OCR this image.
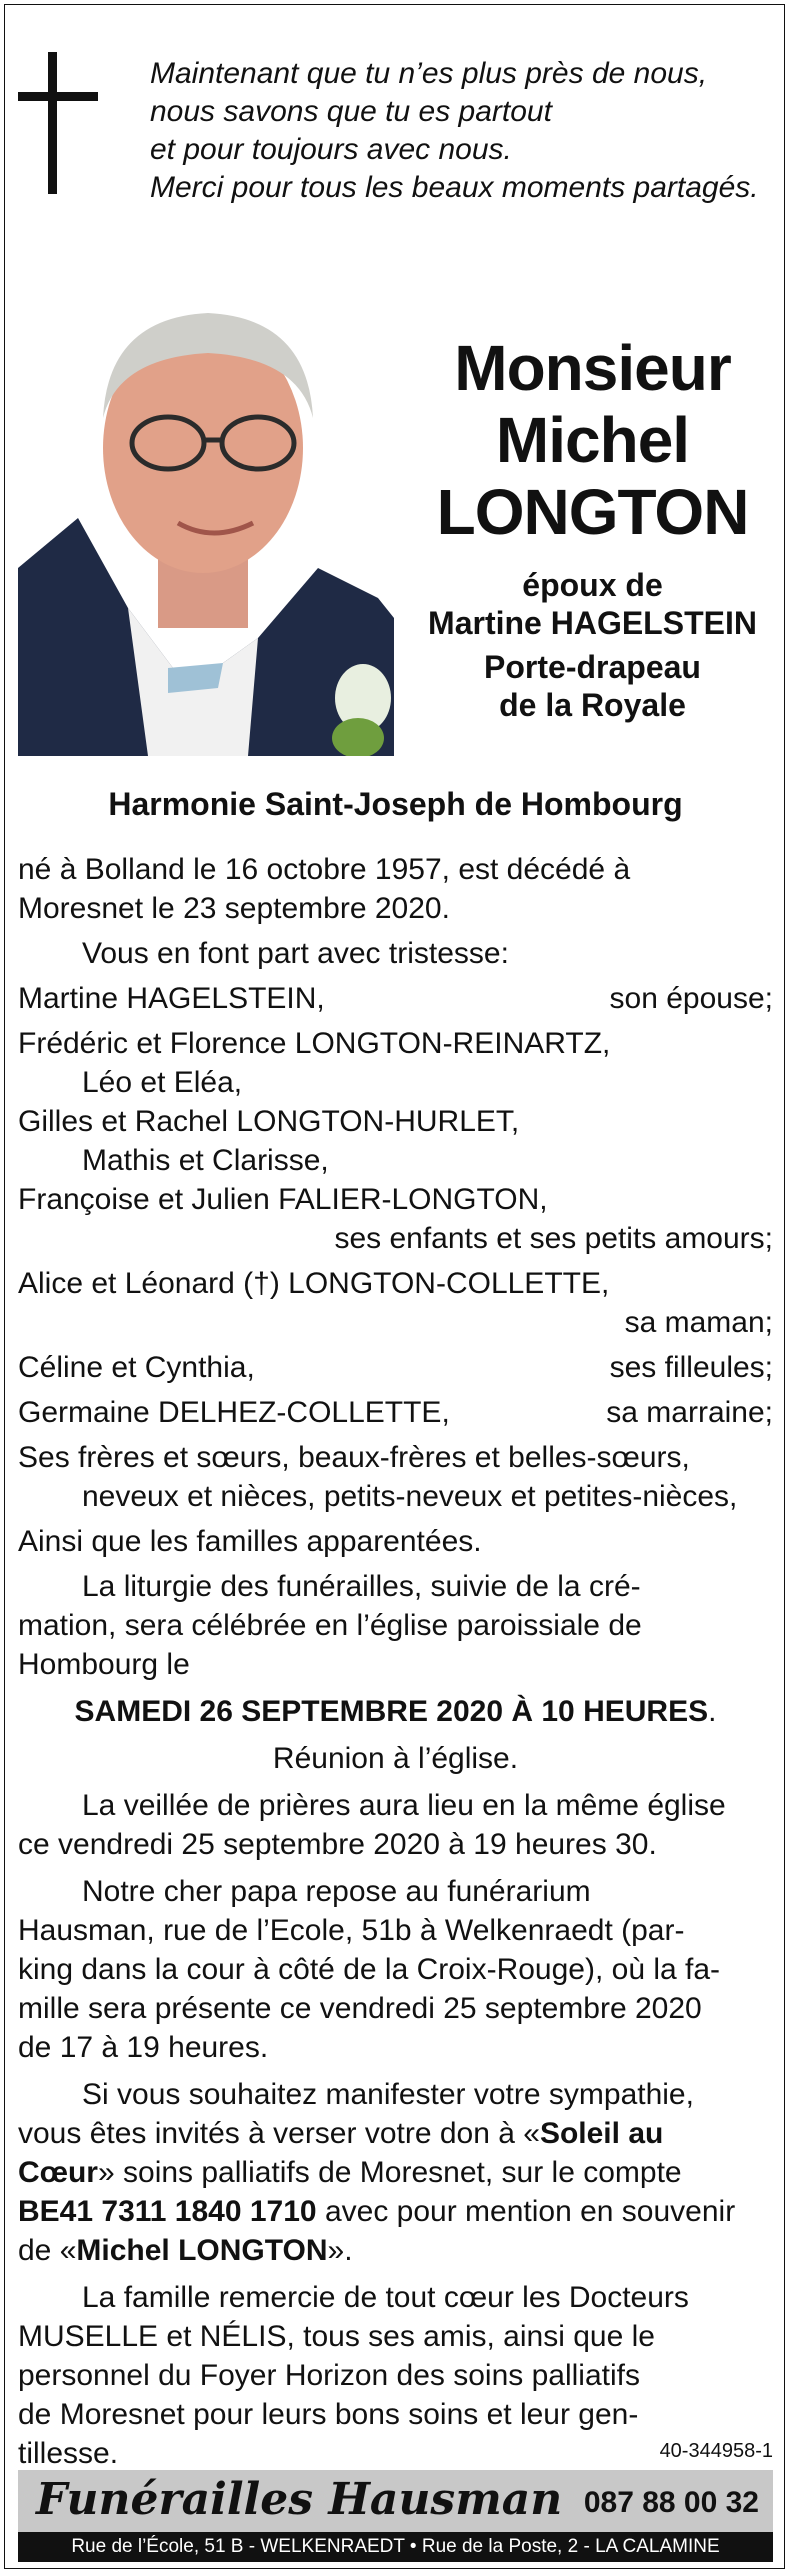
Maintenant que tu n’es plus près de nous,
nous savons que tu es partout
et pour toujours avec nous.
Merci pour tous les beaux moments partagés.
Monsieur
Michel
LONGTON
époux de
Martine HAGELSTEIN
Porte-drapeau
de la Royale
Harmonie Saint-Joseph de Hombourg
né à Bolland le 16 octobre 1957, est décédé à
Moresnet le 23 septembre 2020.
Vous en font part avec tristesse:
Martine HAGELSTEIN,	son épouse;
Frédéric et Florence LONGTON-REINARTZ,
Léo et Eléa,
Gilles et Rachel LONGTON-HURLET,
Mathis et Clarisse,
Françoise et Julien FALIER-LONGTON,
ses enfants et ses petits amours;
Alice et Léonard (†) LONGTON-COLLETTE,
sa maman;
Céline et Cynthia,	ses filleules;
Germaine DELHEZ-COLLETTE,	sa marraine;
Ses frères et sœurs, beaux-frères et belles-sœurs,
neveux et nièces, petits-neveux et petites-nièces,
Ainsi que les familles apparentées.
La liturgie des funérailles, suivie de la cré-
mation, sera célébrée en l’église paroissiale de
Hombourg le
SAMEDI 26 SEPTEMBRE 2020 À 10 HEURES.
Réunion à l’église.
La veillée de prières aura lieu en la même église
ce vendredi 25 septembre 2020 à 19 heures 30.
Notre cher papa repose au funérarium
Hausman, rue de l’Ecole, 51b à Welkenraedt (par-
king dans la cour à côté de la Croix-Rouge), où la fa-
mille sera présente ce vendredi 25 septembre 2020
de 17 à 19 heures.
Si vous souhaitez manifester votre sympathie,
vous êtes invités à verser votre don à «Soleil au
Cœur» soins palliatifs de Moresnet, sur le compte
BE41 7311 1840 1710 avec pour mention en souvenir
de «Michel LONGTON».
La famille remercie de tout cœur les Docteurs
MUSELLE et NÉLIS, tous ses amis, ainsi que le
personnel du Foyer Horizon des soins palliatifs
de Moresnet pour leurs bons soins et leur gen-
tillesse.	40-344958-1
Funérailles Hausman 087 88 00 32
Rue de l’École, 51 B - WELKENRAEDT • Rue de la Poste, 2 - LA CALAMINE
